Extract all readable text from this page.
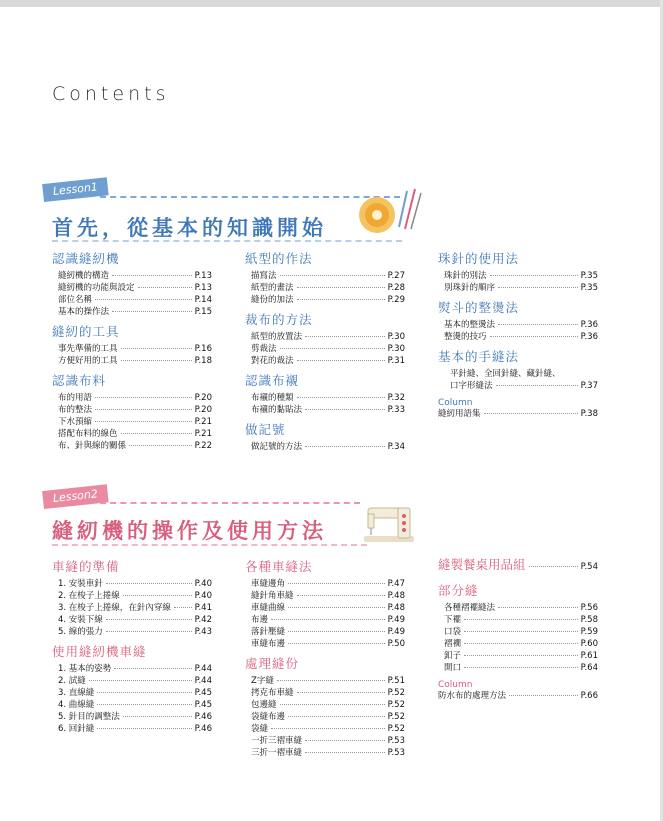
Contents
Lesson1
首先，從基本的知識開始
認識縫紉機
縫紉機的構造	P.13
縫紉機的功能與設定	P.13
部位名稱	P.14
基本的操作法	P.15
縫紉的工具
事先準備的工具	P.16
方便好用的工具	P.18
認識布料
布的用語	P.20
布的整法	P.20
下水預縮	P.21
搭配布料的線色	P.21
布、針與線的關係	P.22
紙型的作法
描寫法	P.27
紙型的畫法	P.28
縫份的加法	P.29
裁布的方法
紙型的放置法	P.30
剪裁法	P.30
對花的裁法	P.31
認識布襯
布襯的種類	P.32
布襯的黏貼法	P.33
做記號
做記號的方法	P.34
珠針的使用法
珠針的別法	P.35
別珠針的順序	P.35
熨斗的整燙法
基本的整燙法	P.36
整燙的技巧	P.36
基本的手縫法
平針縫、全回針縫、藏針縫、
口字形縫法	P.37
Column
縫紉用語集	P.38
Lesson2
縫紉機的操作及使用方法
車縫的準備
1. 安裝車針	P.40
2. 在梭子上捲線	P.40
3. 在梭子上捲線，在針內穿線	P.41
4. 安裝下線	P.42
5. 線的張力	P.43
使用縫紉機車縫
1. 基本的姿勢	P.44
2. 試縫	P.44
3. 直線縫	P.45
4. 曲線縫	P.45
5. 針目的調整法	P.46
6. 回針縫	P.46
各種車縫法
車縫邊角	P.47
縫針角車縫	P.48
車縫曲線	P.48
布邊	P.49
落針壓縫	P.49
車縫布邊	P.50
處理縫份
Z字縫	P.51
拷克布車縫	P.52
包邊縫	P.52
袋縫布邊	P.52
袋縫	P.52
一折三褶車縫	P.53
三折一褶車縫	P.53
縫製餐桌用品組	P.54
部分縫
各種褶襬縫法	P.56
下襬	P.58
口袋	P.59
褶襉	P.60
釦子	P.61
開口	P.64
Column
防水布的處理方法	P.66
